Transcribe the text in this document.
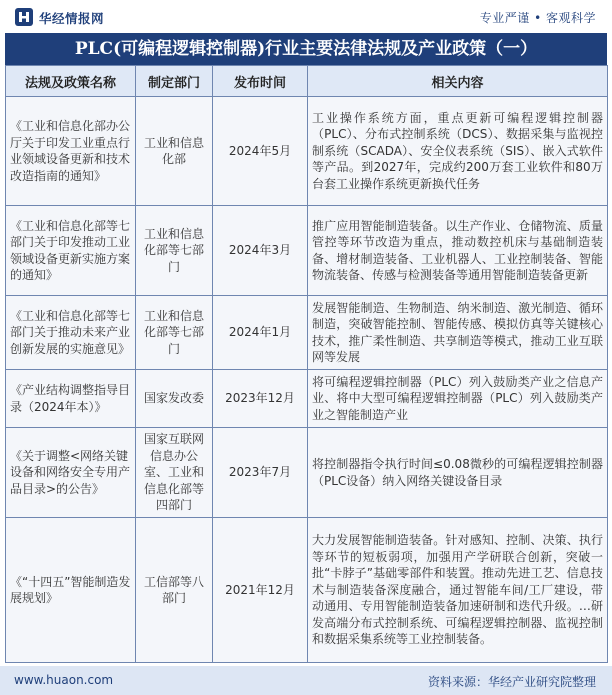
华经情报网	专业严谨 • 客观科学
PLC(可编程逻辑控制器)行业主要法律法规及产业政策（一）
法规及政策名称	制定部门	发布时间	相关内容
《工业和信息化部办公厅关于印发工业重点行业领域设备更新和技术改造指南的通知》	工业和信息化部	2024年5月	工业操作系统方面，重点更新可编程逻辑控制器（PLC）、分布式控制系统（DCS）、数据采集与监视控制系统（SCADA）、安全仪表系统（SIS）、嵌入式软件等产品。到2027年，完成约200万套工业软件和80万台套工业操作系统更新换代任务
《工业和信息化部等七部门关于印发推动工业领域设备更新实施方案的通知》	工业和信息化部等七部门	2024年3月	推广应用智能制造装备。以生产作业、仓储物流、质量管控等环节改造为重点，推动数控机床与基础制造装备、增材制造装备、工业机器人、工业控制装备、智能物流装备、传感与检测装备等通用智能制造装备更新
《工业和信息化部等七部门关于推动未来产业创新发展的实施意见》	工业和信息化部等七部门	2024年1月	发展智能制造、生物制造、纳米制造、激光制造、循环制造，突破智能控制、智能传感、模拟仿真等关键核心技术，推广柔性制造、共享制造等模式，推动工业互联网等发展
《产业结构调整指导目录（2024年本）》	国家发改委	2023年12月	将可编程逻辑控制器（PLC）列入鼓励类产业之信息产业、将中大型可编程逻辑控制器（PLC）列入鼓励类产业之智能制造产业
《关于调整<网络关键设备和网络安全专用产品目录>的公告》	国家互联网信息办公室、工业和信息化部等四部门	2023年7月	将控制器指令执行时间≤0.08微秒的可编程逻辑控制器（PLC设备）纳入网络关键设备目录
《“十四五”智能制造发展规划》	工信部等八部门	2021年12月	大力发展智能制造装备。针对感知、控制、决策、执行等环节的短板弱项，加强用产学研联合创新，突破一批“卡脖子”基础零部件和装置。推动先进工艺、信息技术与制造装备深度融合，通过智能车间/工厂建设，带动通用、专用智能制造装备加速研制和迭代升级。…研发高端分布式控制系统、可编程逻辑控制器、监视控制和数据采集系统等工业控制装备。
www.huaon.com	资料来源：华经产业研究院整理
